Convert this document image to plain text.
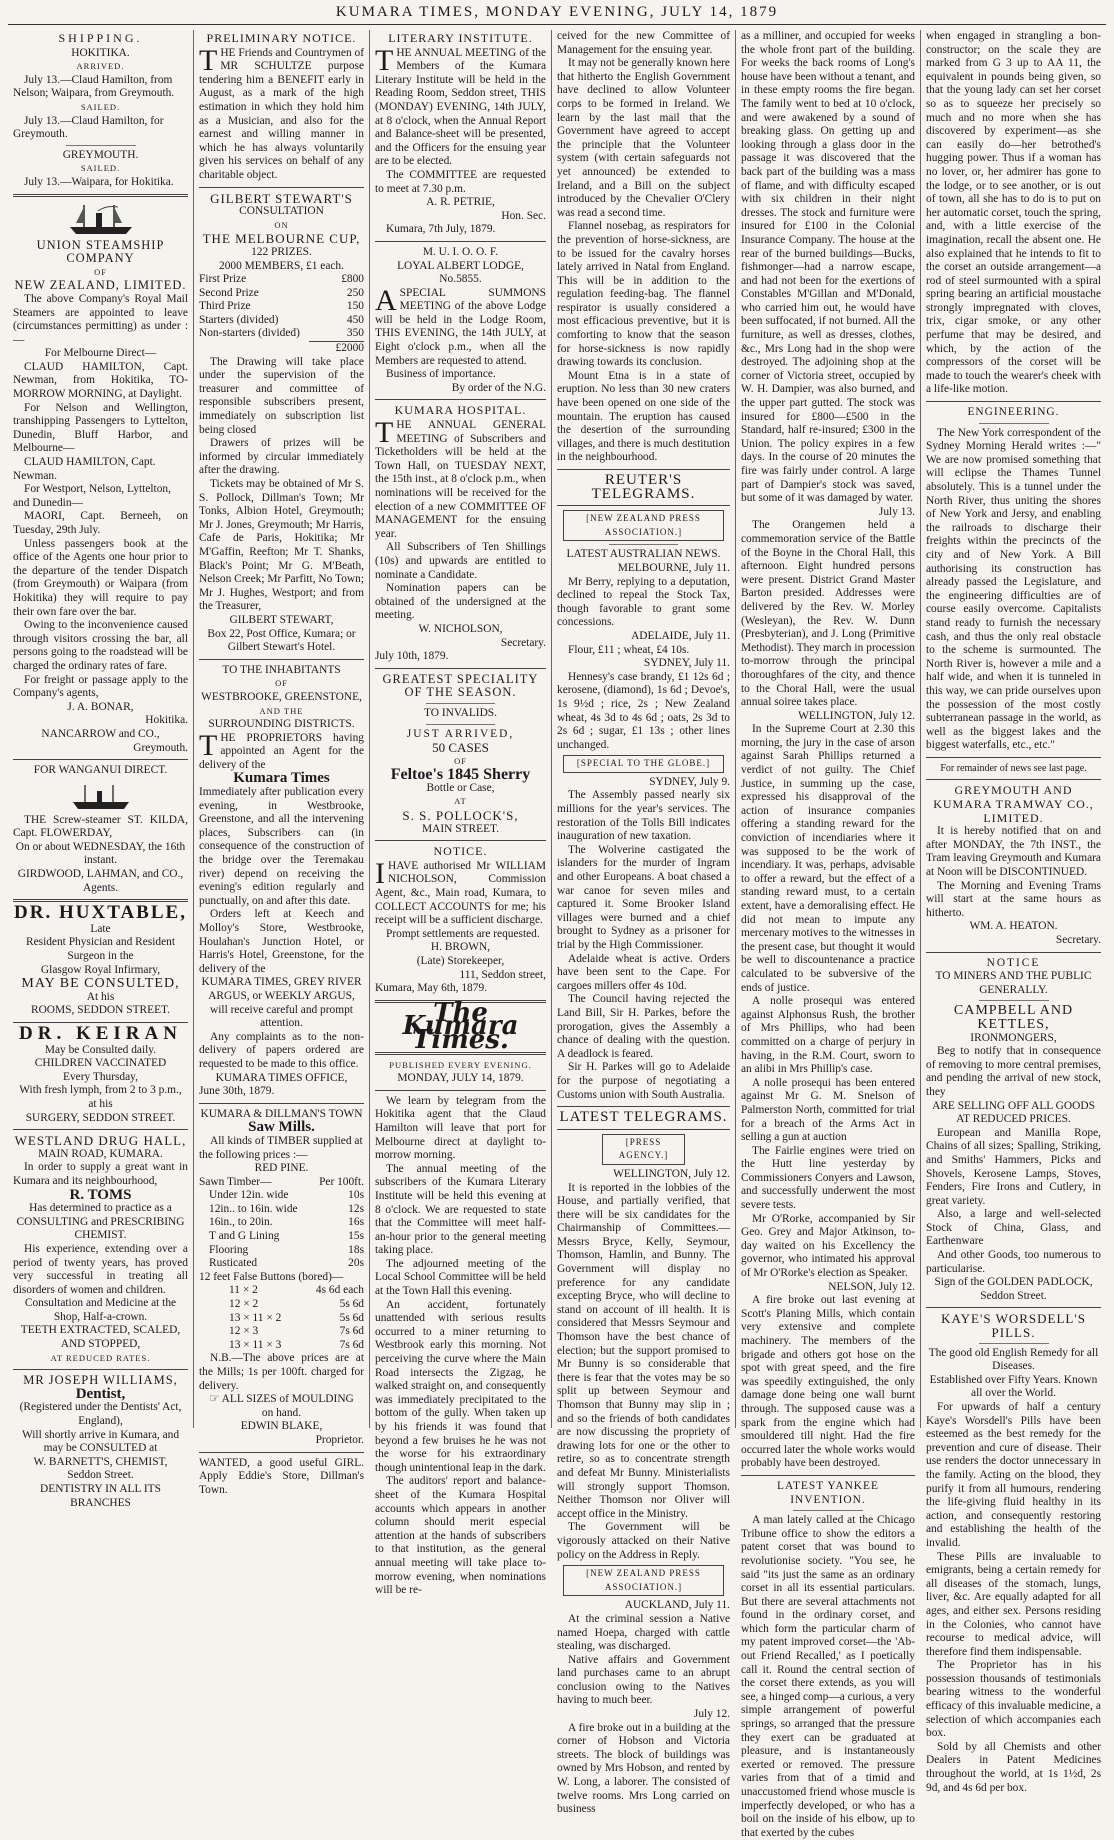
KUMARA TIMES, MONDAY EVENING, JULY 14, 1879
SHIPPING.
HOKITIKA.
ARRIVED.

July 13.—Claud Hamilton, from Nelson; Waipara, from Greymouth.

SAILED.

July 13.—Claud Hamilton, for Greymouth.

GREYMOUTH.
SAILED.

July 13.—Waipara, for Hokitika.

UNION STEAMSHIP COMPANY
OF
NEW ZEALAND, LIMITED.

The above Company's Royal Mail Steamers are appointed to leave (circumstances permitting) as under :—

For Melbourne Direct—

CLAUD HAMILTON, Capt. Newman, from Hokitika, TO-MORROW MORNING, at Daylight.

For Nelson and Wellington, transhipping Passengers to Lyttelton, Dunedin, Bluff Harbor, and Melbourne—

CLAUD HAMILTON, Capt. Newman.

For Westport, Nelson, Lyttelton, and Dunedin—

MAORI, Capt. Berneeh, on Tuesday, 29th July.

Unless passengers book at the office of the Agents one hour prior to the departure of the tender Dispatch (from Greymouth) or Waipara (from Hokitika) they will require to pay their own fare over the bar.

Owing to the inconvenience caused through visitors crossing the bar, all persons going to the roadstead will be charged the ordinary rates of fare.

For freight or passage apply to the Company's agents,

J. A. BONAR,

Hokitika.

NANCARROW and CO.,

Greymouth.

FOR WANGANUI DIRECT.

THE Screw-steamer ST. KILDA, Capt. FLOWERDAY,

On or about WEDNESDAY, the 16th instant.

GIRDWOOD, LAHMAN, and CO., Agents.

DR. HUXTABLE,

Late

Resident Physician and Resident Surgeon in the

Glasgow Royal Infirmary,

MAY BE CONSULTED,

At his

ROOMS, SEDDON STREET.

DR. KEIRAN

May be Consulted daily.

CHILDREN VACCINATED

Every Thursday,

With fresh lymph, from 2 to 3 p.m.,

at his

SURGERY, SEDDON STREET.

WESTLAND DRUG HALL,

MAIN ROAD, KUMARA.

In order to supply a great want in Kumara and its neighbourhood,

R. TOMS

Has determined to practice as a

CONSULTING and PRESCRIBING CHEMIST.

His experience, extending over a period of twenty years, has proved very successful in treating all disorders of women and children.

Consultation and Medicine at the Shop, Half-a-crown.

TEETH EXTRACTED, SCALED, AND STOPPED,

AT REDUCED RATES.

MR JOSEPH WILLIAMS,
Dentist,

(Registered under the Dentists' Act, England),

Will shortly arrive in Kumara, and may be CONSULTED at

W. BARNETT'S, CHEMIST,

Seddon Street.

DENTISTRY IN ALL ITS BRANCHES

PRELIMINARY NOTICE.

THE Friends and Countrymen of MR SCHULTZE purpose tendering him a BENEFIT early in August, as a mark of the high estimation in which they hold him as a Musician, and also for the earnest and willing manner in which he has always voluntarily given his services on behalf of any charitable object.

GILBERT STEWART'S

CONSULTATION

ON

THE MELBOURNE CUP,

122 PRIZES.

2000 MEMBERS, £1 each.

First Prize	£800
Second Prize	250
Third Prize	150
Starters (divided)	450
Non-starters (divided)	350
£2000

The Drawing will take place under the supervision of the treasurer and committee of responsible subscribers present, immediately on subscription list being closed

Drawers of prizes will be informed by circular immediately after the drawing.

Tickets may be obtained of Mr S. S. Pollock, Dillman's Town; Mr Tonks, Albion Hotel, Greymouth; Mr J. Jones, Greymouth; Mr Harris, Cafe de Paris, Hokitika; Mr M'Gaffin, Reefton; Mr T. Shanks, Black's Point; Mr G. M'Beath, Nelson Creek; Mr Parfitt, No Town; Mr J. Hughes, Westport; and from the Treasurer,

GILBERT STEWART,

Box 22, Post Office, Kumara; or Gilbert Stewart's Hotel.

TO THE INHABITANTS

OF

WESTBROOKE, GREENSTONE,

AND THE

SURROUNDING DISTRICTS.

THE PROPRIETORS having appointed an Agent for the delivery of the

Kumara Times

Immediately after publication every evening, in Westbrooke, Greenstone, and all the intervening places, Subscribers can (in consequence of the construction of the bridge over the Teremakau river) depend on receiving the evening's edition regularly and punctually, on and after this date.

Orders left at Keech and Molloy's Store, Westbrooke, Houlahan's Junction Hotel, or Harris's Hotel, Greenstone, for the delivery of the

KUMARA TIMES, GREY RIVER ARGUS, or WEEKLY ARGUS,

will receive careful and prompt attention.

Any complaints as to the non-delivery of papers ordered are requested to be made to this office.

KUMARA TIMES OFFICE,

June 30th, 1879.

KUMARA & DILLMAN'S TOWN
Saw Mills.

All kinds of TIMBER supplied at the following prices :—

RED PINE.

Sawn Timber—	Per 100ft.
Under 12in. wide	10s
12in.. to 16in. wide	12s
16in., to 20in.	16s
T and G Lining	15s
Flooring	18s
Rusticated	20s

12 feet False Buttons (bored)—

11 × 2	4s 6d each
12 × 2	5s 6d
13 × 11 × 2	5s 6d
12 × 3	7s 6d
13 × 11 × 3	7s 6d

N.B.—The above prices are at the Mills; 1s per 100ft. charged for delivery.

☞ ALL SIZES of MOULDING

on hand.

EDWIN BLAKE,

Proprietor.

WANTED, a good useful GIRL. Apply Eddie's Store, Dillman's Town.

LITERARY INSTITUTE.

THE ANNUAL MEETING of the Members of the Kumara Literary Institute will be held in the Reading Room, Seddon street, THIS (MONDAY) EVENING, 14th JULY, at 8 o'clock, when the Annual Report and Balance-sheet will be presented, and the Officers for the ensuing year are to be elected.

The COMMITTEE are requested to meet at 7.30 p.m.

A. R. PETRIE,

Hon. Sec.

Kumara, 7th July, 1879.

M. U. I. O. O. F.
LOYAL ALBERT LODGE, No.5855.

A SPECIAL SUMMONS MEETING of the above Lodge will be held in the Lodge Room, THIS EVENING, the 14th JULY, at Eight o'clock p.m., when all the Members are requested to attend.

Business of importance.

By order of the N.G.

KUMARA HOSPITAL.

THE ANNUAL GENERAL MEETING of Subscribers and Ticketholders will be held at the Town Hall, on TUESDAY NEXT, the 15th inst., at 8 o'clock p.m., when nominations will be received for the election of a new COMMITTEE OF MANAGEMENT for the ensuing year.

All Subscribers of Ten Shillings (10s) and upwards are entitled to nominate a Candidate.

Nomination papers can be obtained of the undersigned at the meeting.

W. NICHOLSON,

Secretary.

July 10th, 1879.

GREATEST SPECIALITY
OF THE SEASON.
TO INVALIDS.
JUST ARRIVED,
50 CASES

OF

Feltoe's 1845 Sherry

Bottle or Case,

AT

S. S. POLLOCK'S,

MAIN STREET.

NOTICE.

I HAVE authorised Mr WILLIAM NICHOLSON, Commission Agent, &c., Main road, Kumara, to COLLECT ACCOUNTS for me; his receipt will be a sufficient discharge.

Prompt settlements are requested.

H. BROWN,

(Late) Storekeeper,

111, Seddon street,

Kumara, May 6th, 1879.

The Kumara Times.

PUBLISHED EVERY EVENING.

MONDAY, JULY 14, 1879.

We learn by telegram from the Hokitika agent that the Claud Hamilton will leave that port for Melbourne direct at daylight to-morrow morning.

The annual meeting of the subscribers of the Kumara Literary Institute will be held this evening at 8 o'clock. We are requested to state that the Committee will meet half-an-hour prior to the general meeting taking place.

The adjourned meeting of the Local School Committee will be held at the Town Hall this evening.

An accident, fortunately unattended with serious results occurred to a miner returning to Westbrook early this morning. Not perceiving the curve where the Main Road intersects the Zigzag, he walked straight on, and consequently was immediately precipitated to the bottom of the gully. When taken up by his friends it was found that beyond a few bruises he he was not the worse for his extraordinary though unintentional leap in the dark.

The auditors' report and balance-sheet of the Kumara Hospital accounts which appears in another column should merit especial attention at the hands of subscribers to that institution, as the general annual meeting will take place to-morrow evening, when nominations will be re-

ceived for the new Committee of Management for the ensuing year.

It may not be generally known here that hitherto the English Government have declined to allow Volunteer corps to be formed in Ireland. We learn by the last mail that the Government have agreed to accept the principle that the Volunteer system (with certain safeguards not yet announced) be extended to Ireland, and a Bill on the subject introduced by the Chevalier O'Clery was read a second time.

Flannel nosebag, as respirators for the prevention of horse-sickness, are to be issued for the cavalry horses lately arrived in Natal from England. This will be in addition to the regulation feeding-bag. The flannel respirator is usually considered a most efficacious preventive, but it is comforting to know that the season for horse-sickness is now rapidly drawing towards its conclusion.

Mount Etna is in a state of eruption. No less than 30 new craters have been opened on one side of the mountain. The eruption has caused the desertion of the surrounding villages, and there is much destitution in the neighbourhood.

REUTER'S TELEGRAMS.
[NEW ZEALAND PRESS ASSOCIATION.]
LATEST AUSTRALIAN NEWS.

MELBOURNE, July 11.

Mr Berry, replying to a deputation, declined to repeal the Stock Tax, though favorable to grant some concessions.

ADELAIDE, July 11.

Flour, £11 ; wheat, £4 10s.

SYDNEY, July 11.

Hennesy's case brandy, £1 12s 6d ; kerosene, (diamond), 1s 6d ; Devoe's, 1s 9½d ; rice, 2s ; New Zealand wheat, 4s 3d to 4s 6d ; oats, 2s 3d to 2s 6d ; sugar, £1 13s ; other lines unchanged.

[SPECIAL TO THE GLOBE.]

SYDNEY, July 9.

The Assembly passed nearly six millions for the year's services. The restoration of the Tolls Bill indicates inauguration of new taxation.

The Wolverine castigated the islanders for the murder of Ingram and other Europeans. A boat chased a war canoe for seven miles and captured it. Some Brooker Island villages were burned and a chief brought to Sydney as a prisoner for trial by the High Commissioner.

Adelaide wheat is active. Orders have been sent to the Cape. For cargoes millers offer 4s 10d.

The Council having rejected the Land Bill, Sir H. Parkes, before the prorogation, gives the Assembly a chance of dealing with the question. A deadlock is feared.

Sir H. Parkes will go to Adelaide for the purpose of negotiating a Customs union with South Australia.

LATEST TELEGRAMS.
[PRESS AGENCY.]

WELLINGTON, July 12.

It is reported in the lobbies of the House, and partially verified, that there will be six candidates for the Chairmanship of Committees.—Messrs Bryce, Kelly, Seymour, Thomson, Hamlin, and Bunny. The Government will display no preference for any candidate excepting Bryce, who will decline to stand on account of ill health. It is considered that Messrs Seymour and Thomson have the best chance of election; but the support promised to Mr Bunny is so considerable that there is fear that the votes may be so split up between Seymour and Thomson that Bunny may slip in ; and so the friends of both candidates are now discussing the propriety of drawing lots for one or the other to retire, so as to concentrate strength and defeat Mr Bunny. Ministerialists will strongly support Thomson. Neither Thomson nor Oliver will accept office in the Ministry.

The Government will be vigorously attacked on their Native policy on the Address in Reply.

[NEW ZEALAND PRESS ASSOCIATION.]

AUCKLAND, July 11.

At the criminal session a Native named Hoepa, charged with cattle stealing, was discharged.

Native affairs and Government land purchases came to an abrupt conclusion owing to the Natives having to much beer.

July 12.

A fire broke out in a building at the corner of Hobson and Victoria streets. The block of buildings was owned by Mrs Hobson, and rented by W. Long, a laborer. The consisted of twelve rooms. Mrs Long carried on business

as a milliner, and occupied for weeks the whole front part of the building. For weeks the back rooms of Long's house have been without a tenant, and in these empty rooms the fire began. The family went to bed at 10 o'clock, and were awakened by a sound of breaking glass. On getting up and looking through a glass door in the passage it was discovered that the back part of the building was a mass of flame, and with difficulty escaped with six children in their night dresses. The stock and furniture were insured for £100 in the Colonial Insurance Company. The house at the rear of the burned buildings—Bucks, fishmonger—had a narrow escape, and had not been for the exertions of Constables M'Gillan and M'Donald, who carried him out, he would have been suffocated, if not burned. All the furniture, as well as dresses, clothes, &c., Mrs Long had in the shop were destroyed. The adjoining shop at the corner of Victoria street, occupied by W. H. Dampier, was also burned, and the upper part gutted. The stock was insured for £800—£500 in the Standard, half re-insured; £300 in the Union. The policy expires in a few days. In the course of 20 minutes the fire was fairly under control. A large part of Dampier's stock was saved, but some of it was damaged by water.

July 13.

The Orangemen held a commemoration service of the Battle of the Boyne in the Choral Hall, this afternoon. Eight hundred persons were present. District Grand Master Barton presided. Addresses were delivered by the Rev. W. Morley (Wesleyan), the Rev. W. Dunn (Presbyterian), and J. Long (Primitive Methodist). They march in procession to-morrow through the principal thoroughfares of the city, and thence to the Choral Hall, were the usual annual soiree takes place.

WELLINGTON, July 12.

In the Supreme Court at 2.30 this morning, the jury in the case of arson against Sarah Phillips returned a verdict of not guilty. The Chief Justice, in summing up the case, expressed his disapproval of the action of insurance companies offering a standing reward for the conviction of incendiaries where it was supposed to be the work of incendiary. It was, perhaps, advisable to offer a reward, but the effect of a standing reward must, to a certain extent, have a demoralising effect. He did not mean to impute any mercenary motives to the witnesses in the present case, but thought it would be well to discountenance a practice calculated to be subversive of the ends of justice.

A nolle prosequi was entered against Alphonsus Rush, the brother of Mrs Phillips, who had been committed on a charge of perjury in having, in the R.M. Court, sworn to an alibi in Mrs Phillip's case.

A nolle prosequi has been entered against Mr G. M. Snelson of Palmerston North, committed for trial for a breach of the Arms Act in selling a gun at auction

The Fairlie engines were tried on the Hutt line yesterday by Commissioners Conyers and Lawson, and successfully underwent the most severe tests.

Mr O'Rorke, accompanied by Sir Geo. Grey and Major Atkinson, to-day waited on his Excellency the governor, who intimated his approval of Mr O'Rorke's election as Speaker.

NELSON, July 12.

A fire broke out last evening at Scott's Planing Mills, which contain very extensive and complete machinery. The members of the brigade and others got hose on the spot with great speed, and the fire was speedily extinguished, the only damage done being one wall burnt through. The supposed cause was a spark from the engine which had smouldered till night. Had the fire occurred later the whole works would probably have been destroyed.

LATEST YANKEE INVENTION.

A man lately called at the Chicago Tribune office to show the editors a patent corset that was bound to revolutionise society. "You see, he said "its just the same as an ordinary corset in all its essential particulars. But there are several attachments not found in the ordinary corset, and which form the particular charm of my patent improved corset—the 'Ab-out Friend Recalled,' as I poetically call it. Round the central section of the corset there extends, as you will see, a hinged comp—a curious, a very simple arrangement of powerful springs, so arranged that the pressure they exert can be graduated at pleasure, and is instantaneously exerted or removed. The pressure varies from that of a timid and unaccustomed friend whose muscle is imperfectly developed, or who has a boil on the inside of his elbow, up to that exerted by the cubes

when engaged in strangling a bon-constructor; on the scale they are marked from G 3 up to AA 11, the equivalent in pounds being given, so that the young lady can set her corset so as to squeeze her precisely so much and no more when she has discovered by experiment—as she can easily do—her betrothed's hugging power. Thus if a woman has no lover, or, her admirer has gone to the lodge, or to see another, or is out of town, all she has to do is to put on her automatic corset, touch the spring, and, with a little exercise of the imagination, recall the absent one. He also explained that he intends to fit to the corset an outside arrangement—a rod of steel surmounted with a spiral spring bearing an artificial moustache strongly impregnated with cloves, trix, cigar smoke, or any other perfume that may be desired, and which, by the action of the compressors of the corset will be made to touch the wearer's cheek with a life-like motion.

ENGINEERING.

The New York correspondent of the Sydney Morning Herald writes :—" We are now promised something that will eclipse the Thames Tunnel absolutely. This is a tunnel under the North River, thus uniting the shores of New York and Jersy, and enabling the railroads to discharge their freights within the precincts of the city and of New York. A Bill authorising its construction has already passed the Legislature, and the engineering difficulties are of course easily overcome. Capitalists stand ready to furnish the necessary cash, and thus the only real obstacle to the scheme is surmounted. The North River is, however a mile and a half wide, and when it is tunneled in this way, we can pride ourselves upon the possession of the most costly subterranean passage in the world, as well as the biggest lakes and the biggest waterfalls, etc., etc."

For remainder of news see last page.

GREYMOUTH AND KUMARA TRAMWAY CO., LIMITED.

It is hereby notified that on and after MONDAY, the 7th INST., the Tram leaving Greymouth and Kumara at Noon will be DISCONTINUED.

The Morning and Evening Trams will start at the same hours as hitherto.

WM. A. HEATON.

Secretary.

NOTICE
TO MINERS AND THE PUBLIC
GENERALLY.
CAMPBELL AND KETTLES,
IRONMONGERS,

Beg to notify that in consequence of removing to more central premises, and pending the arrival of new stock, they

ARE SELLING OFF ALL GOODS

AT REDUCED PRICES.

European and Manilla Rope, Chains of all sizes; Spalling, Striking, and Smiths' Hammers, Picks and Shovels, Kerosene Lamps, Stoves, Fenders, Fire Irons and Cutlery, in great variety.

Also, a large and well-selected Stock of China, Glass, and Earthenware

And other Goods, too numerous to particularise.

Sign of the GOLDEN PADLOCK, Seddon Street.

KAYE'S WORSDELL'S PILLS.

The good old English Remedy for all Diseases.

Established over Fifty Years. Known all over the World.

For upwards of half a century Kaye's Worsdell's Pills have been esteemed as the best remedy for the prevention and cure of disease. Their use renders the doctor unnecessary in the family. Acting on the blood, they purify it from all humours, rendering the life-giving fluid healthy in its action, and consequently restoring and establishing the health of the invalid.

These Pills are invaluable to emigrants, being a certain remedy for all diseases of the stomach, lungs, liver, &c. Are equally adapted for all ages, and either sex. Persons residing in the Colonies, who cannot have recourse to medical advice, will therefore find them indispensable.

The Proprietor has in his possession thousands of testimonials bearing witness to the wonderful efficacy of this invaluable medicine, a selection of which accompanies each box.

Sold by all Chemists and other Dealers in Patent Medicines throughout the world, at 1s 1½d, 2s 9d, and 4s 6d per box.
